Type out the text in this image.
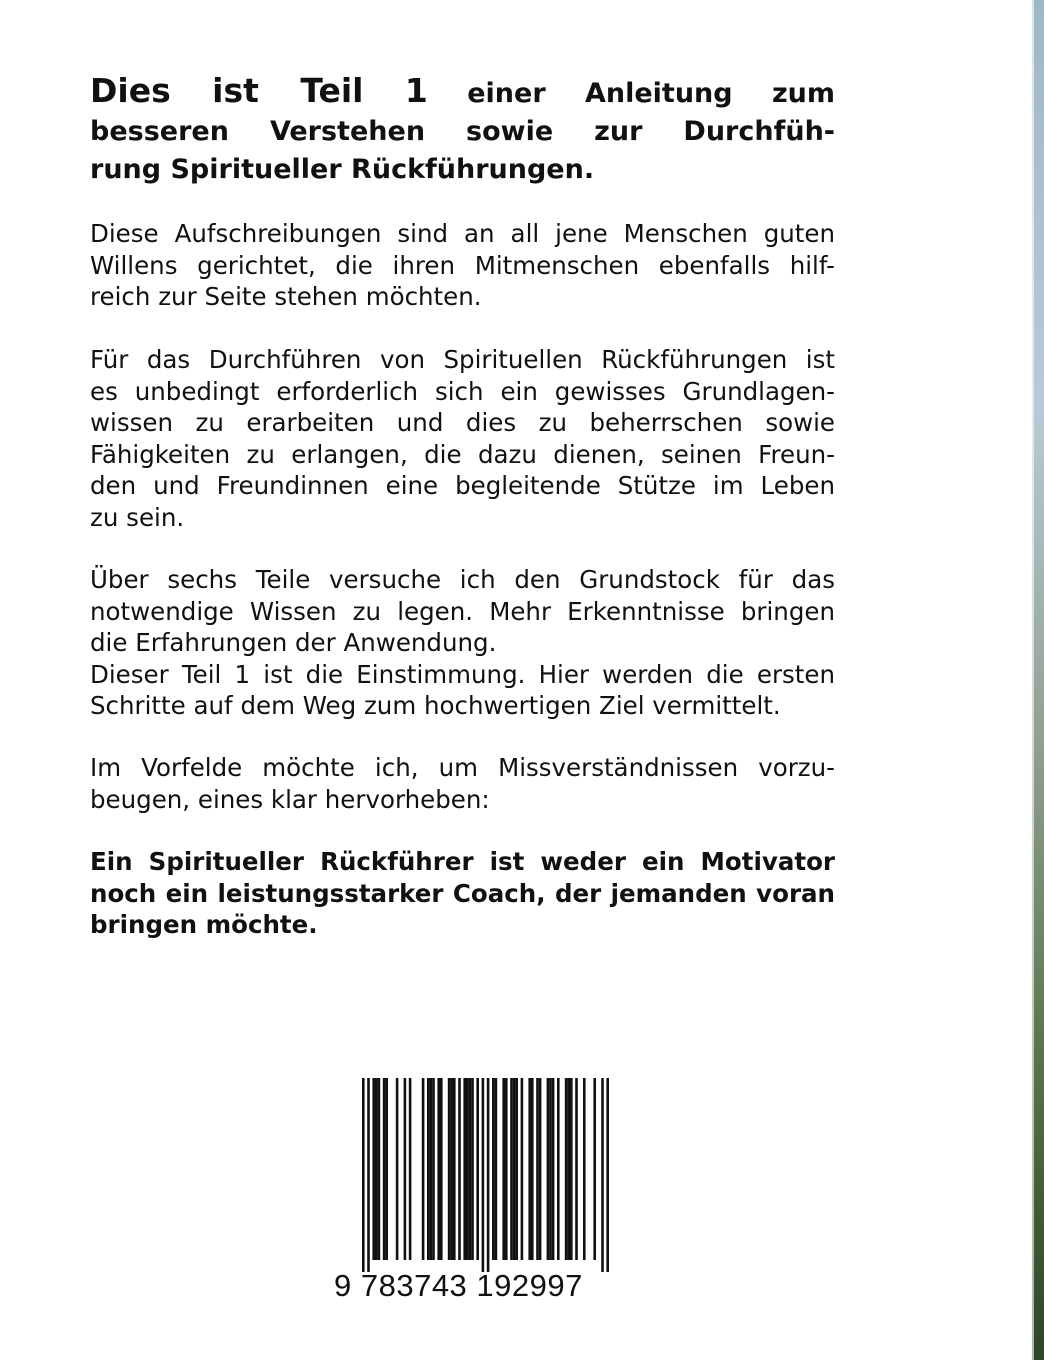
Dies ist Teil 1 einer Anleitung zum
besseren Verstehen sowie zur Durchfüh-
rung Spiritueller Rückführungen.
Diese Aufschreibungen sind an all jene Menschen guten
Willens gerichtet, die ihren Mitmenschen ebenfalls hilf-
reich zur Seite stehen möchten.
Für das Durchführen von Spirituellen Rückführungen ist
es unbedingt erforderlich sich ein gewisses Grundlagen-
wissen zu erarbeiten und dies zu beherrschen sowie
Fähigkeiten zu erlangen, die dazu dienen, seinen Freun-
den und Freundinnen eine begleitende Stütze im Leben
zu sein.
Über sechs Teile versuche ich den Grundstock für das
notwendige Wissen zu legen. Mehr Erkenntnisse bringen
die Erfahrungen der Anwendung.
Dieser Teil 1 ist die Einstimmung. Hier werden die ersten
Schritte auf dem Weg zum hochwertigen Ziel vermittelt.
Im Vorfelde möchte ich, um Missverständnissen vorzu-
beugen, eines klar hervorheben:
Ein Spiritueller Rückführer ist weder ein Motivator noch ein leistungsstarker Coach, der jemanden voran bringen möchte.
9 783743 192997
